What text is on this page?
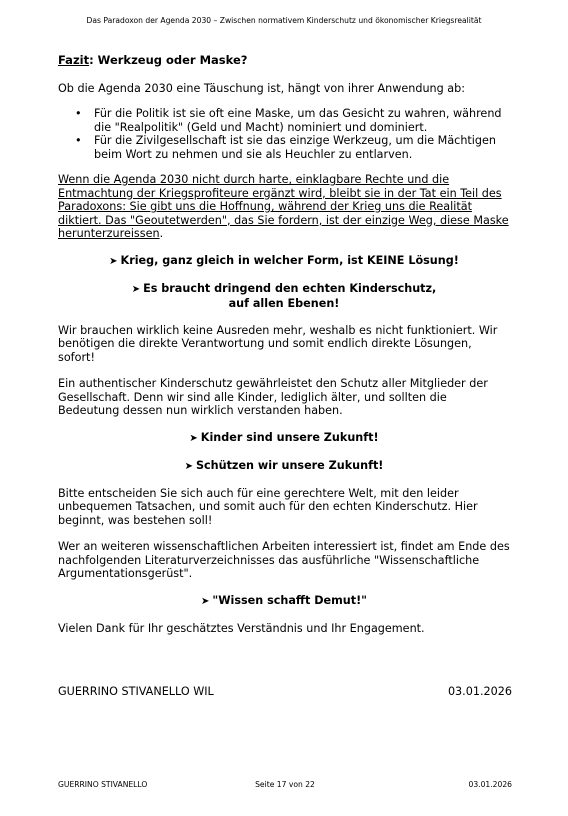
Das Paradoxon der Agenda 2030 – Zwischen normativem Kinderschutz und ökonomischer Kriegsrealität

Fazit: Werkzeug oder Maske?

Ob die Agenda 2030 eine Täuschung ist, hängt von ihrer Anwendung ab:

• Für die Politik ist sie oft eine Maske, um das Gesicht zu wahren, während die "Realpolitik" (Geld und Macht) nominiert und dominiert.
• Für die Zivilgesellschaft ist sie das einzige Werkzeug, um die Mächtigen beim Wort zu nehmen und sie als Heuchler zu entlarven.

Wenn die Agenda 2030 nicht durch harte, einklagbare Rechte und die Entmachtung der Kriegsprofiteure ergänzt wird, bleibt sie in der Tat ein Teil des Paradoxons: Sie gibt uns die Hoffnung, während der Krieg uns die Realität diktiert. Das "Geoutetwerden", das Sie fordern, ist der einzige Weg, diese Maske herunterzureissen.

➤ Krieg, ganz gleich in welcher Form, ist KEINE Lösung!

➤ Es braucht dringend den echten Kinderschutz,
auf allen Ebenen!

Wir brauchen wirklich keine Ausreden mehr, weshalb es nicht funktioniert. Wir benötigen die direkte Verantwortung und somit endlich direkte Lösungen, sofort!

Ein authentischer Kinderschutz gewährleistet den Schutz aller Mitglieder der Gesellschaft. Denn wir sind alle Kinder, lediglich älter, und sollten die Bedeutung dessen nun wirklich verstanden haben.

➤ Kinder sind unsere Zukunft!

➤ Schützen wir unsere Zukunft!

Bitte entscheiden Sie sich auch für eine gerechtere Welt, mit den leider unbequemen Tatsachen, und somit auch für den echten Kinderschutz. Hier beginnt, was bestehen soll!

Wer an weiteren wissenschaftlichen Arbeiten interessiert ist, findet am Ende des nachfolgenden Literaturverzeichnisses das ausführliche "Wissenschaftliche Argumentationsgerüst".

➤ "Wissen schafft Demut!"

Vielen Dank für Ihr geschätztes Verständnis und Ihr Engagement.

GUERRINO STIVANELLO WIL	03.01.2026
GUERRINO STIVANELLO	Seite 17 von 22	03.01.2026
